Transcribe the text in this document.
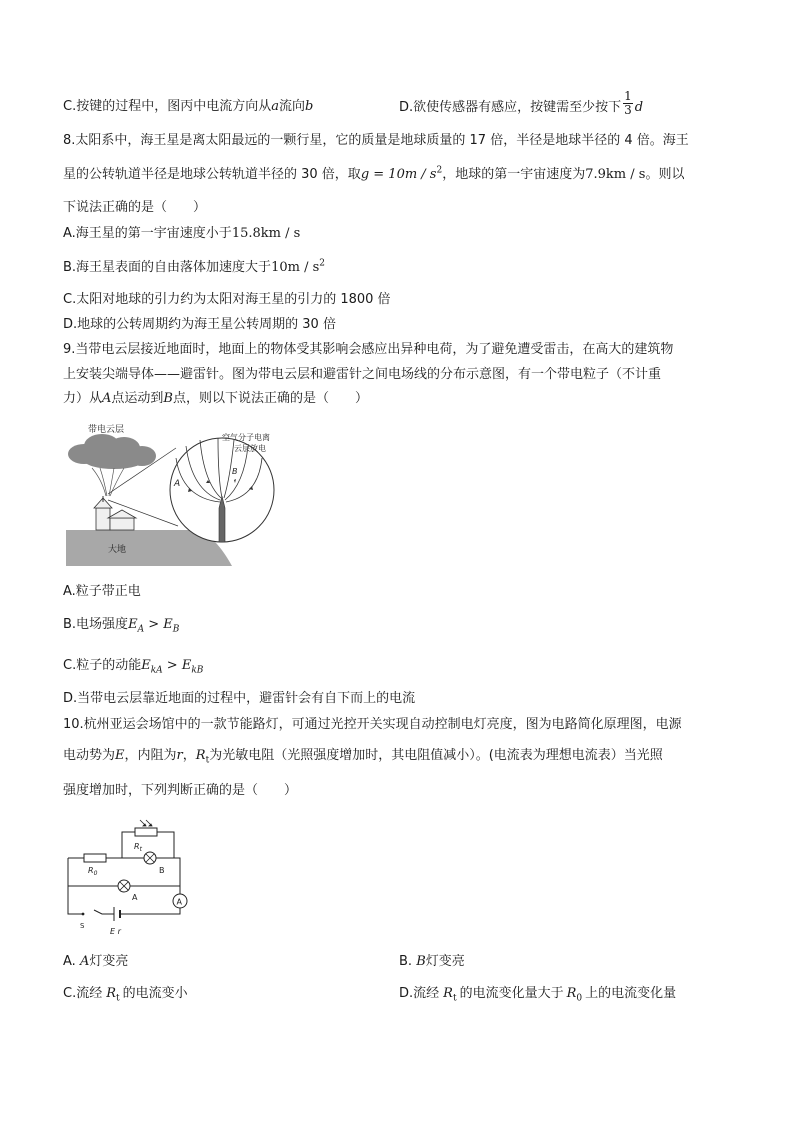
C.按键的过程中，图丙中电流方向从a流向b	D.欲使传感器有感应，按键需至少按下 $\frac{1}{3}$ d
8.太阳系中，海王星是离太阳最远的一颗行星，它的质量是地球质量的 17 倍，半径是地球半径的 4 倍。海王
星的公转轨道半径是地球公转轨道半径的 30 倍，取$g = 10m / s^2$，地球的第一宇宙速度为7.9km / s。则以
下说法正确的是（　　）
A.海王星的第一宇宙速度小于15.8km / s
B.海王星表面的自由落体加速度大于$10m / s^2$
C.太阳对地球的引力约为太阳对海王星的引力的 1800 倍
D.地球的公转周期约为海王星公转周期的 30 倍
9.当带电云层接近地面时，地面上的物体受其影响会感应出异种电荷，为了避免遭受雷击，在高大的建筑物
上安装尖端导体——避雷针。图为带电云层和避雷针之间电场线的分布示意图，有一个带电粒子（不计重
力）从A点运动到B点，则以下说法正确的是（　　）
带电云层
大地
空气分子电离
云层放电
A
B
A.粒子带正电
B.电场强度$E_A > E_B$
C.粒子的动能$E_{kA} > E_{kB}$
D.当带电云层靠近地面的过程中，避雷针会有自下而上的电流
10.杭州亚运会场馆中的一款节能路灯，可通过光控开关实现自动控制电灯亮度，图为电路简化原理图，电源
电动势为E，内阻为r，$R_t$为光敏电阻（光照强度增加时，其电阻值减小）。(电流表为理想电流表）当光照
强度增加时，下列判断正确的是（　　）
$R_t$
$R_0$	B
A	A
S
E r
A. A灯变亮	B. B灯变亮
C.流经 $R_t$ 的电流变小	D.流经 $R_t$ 的电流变化量大于 $R_0$ 上的电流变化量
